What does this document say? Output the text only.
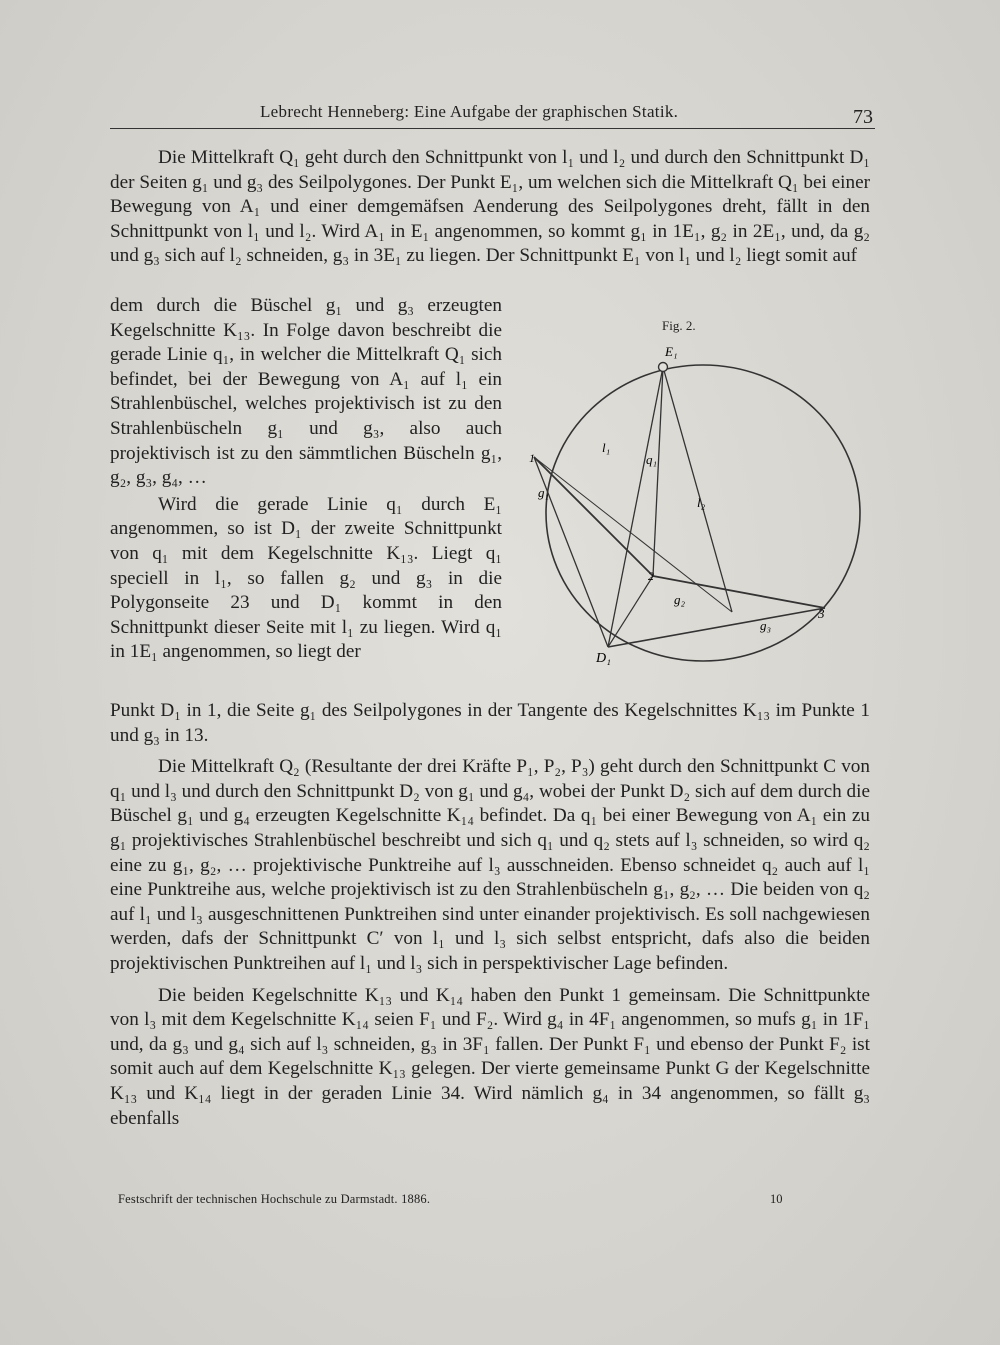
Lebrecht Henneberg: Eine Aufgabe der graphischen Statik.	73

Die Mittelkraft Q₁ geht durch den Schnittpunkt von l₁ und l₂ und durch den Schnittpunkt D₁ der Seiten g₁ und g₃ des Seilpolygones. Der Punkt E₁, um welchen sich die Mittelkraft Q₁ bei einer Bewegung von A₁ und einer demgemäfsen Aenderung des Seilpolygones dreht, fällt in den Schnittpunkt von l₁ und l₂. Wird A₁ in E₁ angenommen, so kommt g₁ in 1E₁, g₂ in 2E₁, und, da g₂ und g₃ sich auf l₂ schneiden, g₃ in 3E₁ zu liegen. Der Schnittpunkt E₁ von l₁ und l₂ liegt somit auf

dem durch die Büschel g₁ und g₃ erzeugten Kegelschnitte K₁₃. In Folge davon beschreibt die gerade Linie q₁, in welcher die Mittelkraft Q₁ sich befindet, bei der Bewegung von A₁ auf l₁ ein Strahlenbüschel, welches projektivisch ist zu den Strahlenbüscheln g₁ und g₃, also auch projektivisch ist zu den sämmtlichen Büscheln g₁, g₂, g₃, g₄, …

Wird die gerade Linie q₁ durch E₁ angenommen, so ist D₁ der zweite Schnittpunkt von q₁ mit dem Kegelschnitte K₁₃. Liegt q₁ speciell in l₁, so fallen g₂ und g₃ in die Polygonseite 23 und D₁ kommt in den Schnittpunkt dieser Seite mit l₁ zu liegen. Wird q₁ in 1E₁ angenommen, so liegt der

Fig. 2.
E₁
D₁
1
2
3
l₁
l₂
q₁
g₁
g₂
g₃

Punkt D₁ in 1, die Seite g₁ des Seilpolygones in der Tangente des Kegelschnittes K₁₃ im Punkte 1 und g₃ in 13.

Die Mittelkraft Q₂ (Resultante der drei Kräfte P₁, P₂, P₃) geht durch den Schnittpunkt C von q₁ und l₃ und durch den Schnittpunkt D₂ von g₁ und g₄, wobei der Punkt D₂ sich auf dem durch die Büschel g₁ und g₄ erzeugten Kegelschnitte K₁₄ befindet. Da q₁ bei einer Bewegung von A₁ ein zu g₁ projektivisches Strahlenbüschel beschreibt und sich q₁ und q₂ stets auf l₃ schneiden, so wird q₂ eine zu g₁, g₂, … projektivische Punktreihe auf l₃ ausschneiden. Ebenso schneidet q₂ auch auf l₁ eine Punktreihe aus, welche projektivisch ist zu den Strahlenbüscheln g₁, g₂, … Die beiden von q₂ auf l₁ und l₃ ausgeschnittenen Punktreihen sind unter einander projektivisch. Es soll nachgewiesen werden, dafs der Schnittpunkt C′ von l₁ und l₃ sich selbst entspricht, dafs also die beiden projektivischen Punktreihen auf l₁ und l₃ sich in perspektivischer Lage befinden.

Die beiden Kegelschnitte K₁₃ und K₁₄ haben den Punkt 1 gemeinsam. Die Schnittpunkte von l₃ mit dem Kegelschnitte K₁₄ seien F₁ und F₂. Wird g₄ in 4F₁ angenommen, so mufs g₁ in 1F₁ und, da g₃ und g₄ sich auf l₃ schneiden, g₃ in 3F₁ fallen. Der Punkt F₁ und ebenso der Punkt F₂ ist somit auch auf dem Kegelschnitte K₁₃ gelegen. Der vierte gemeinsame Punkt G der Kegelschnitte K₁₃ und K₁₄ liegt in der geraden Linie 34. Wird nämlich g₄ in 34 angenommen, so fällt g₃ ebenfalls

Festschrift der technischen Hochschule zu Darmstadt. 1886.	10
